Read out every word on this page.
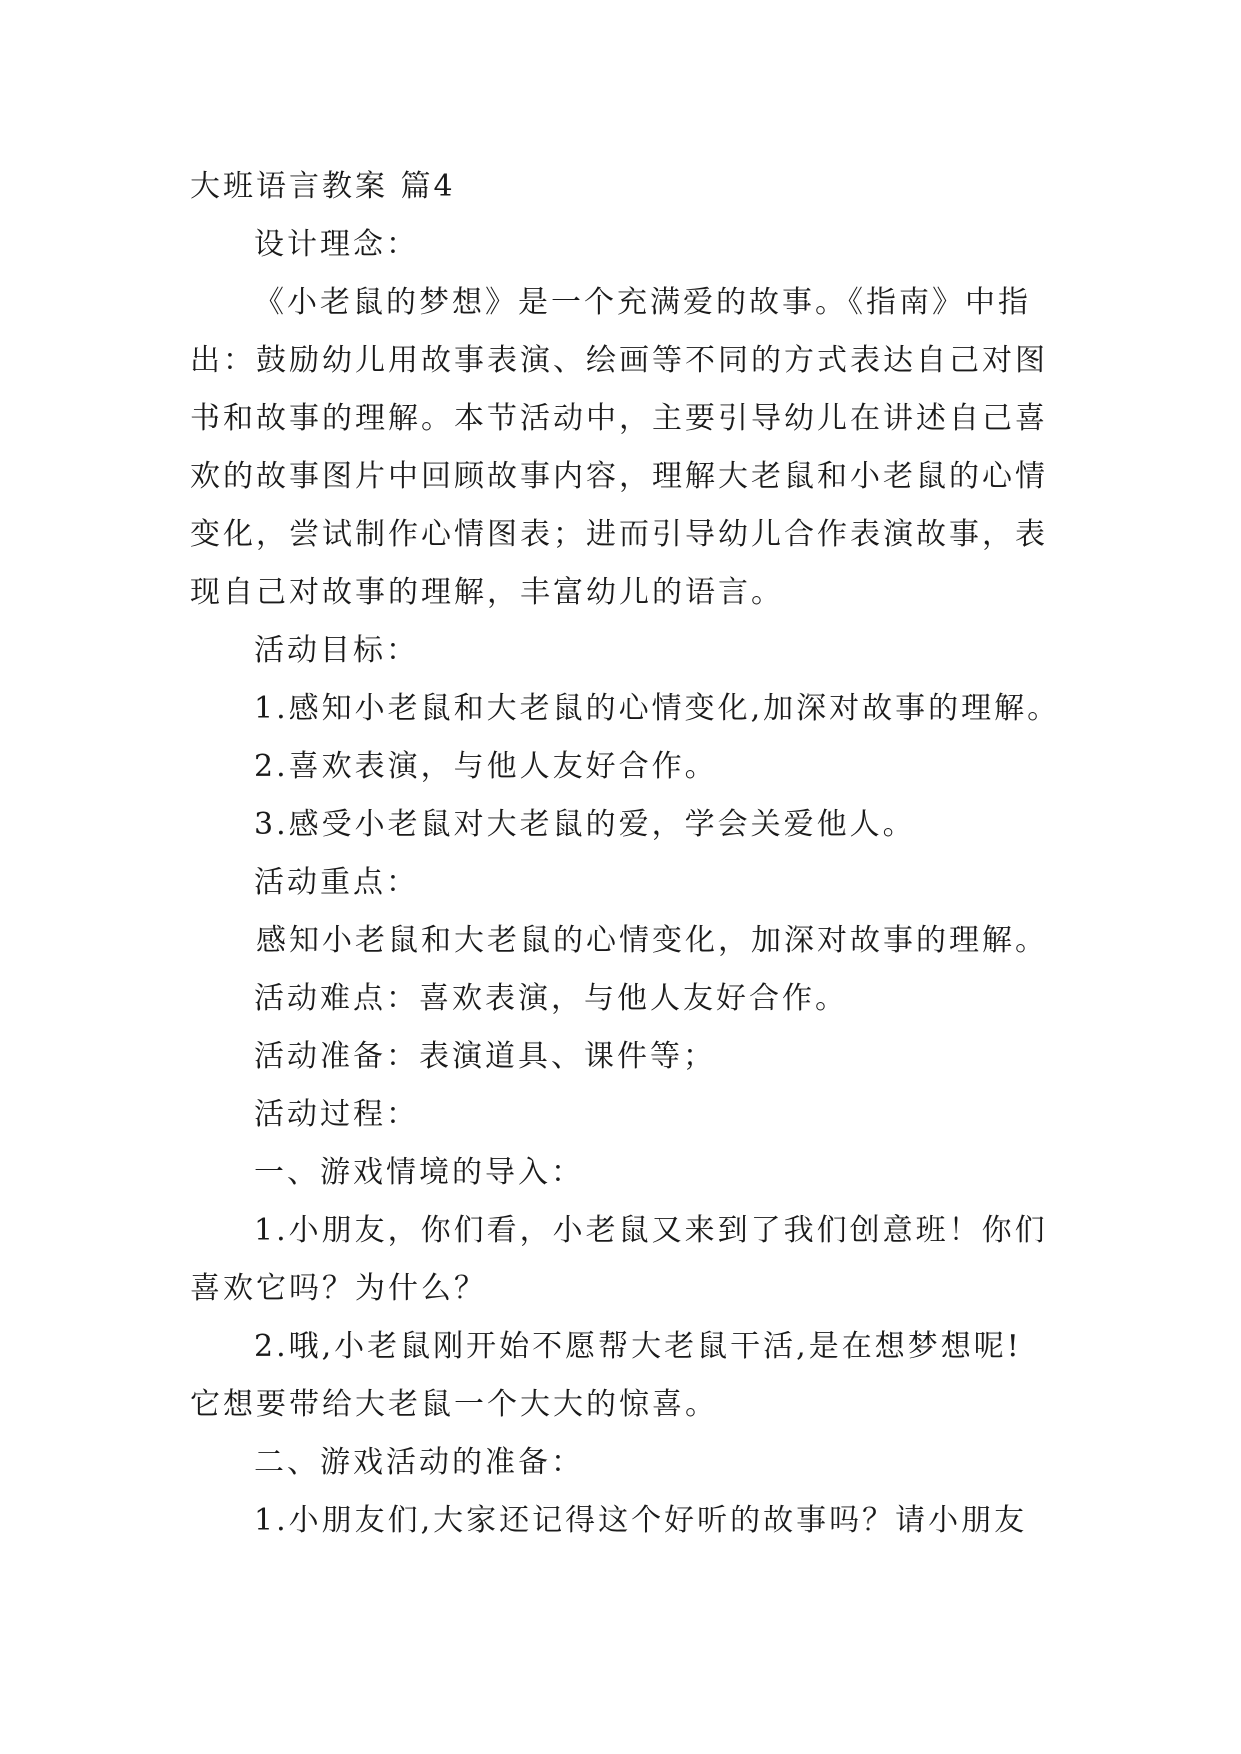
大班语言教案 篇4
设计理念：
《小老鼠的梦想》是一个充满爱的故事。《指南》中指
出：鼓励幼儿用故事表演、绘画等不同的方式表达自己对图
书和故事的理解。本节活动中，主要引导幼儿在讲述自己喜
欢的故事图片中回顾故事内容，理解大老鼠和小老鼠的心情
变化，尝试制作心情图表；进而引导幼儿合作表演故事，表
现自己对故事的理解，丰富幼儿的语言。
活动目标：
1.感知小老鼠和大老鼠的心情变化,加深对故事的理解。
2.喜欢表演，与他人友好合作。
3.感受小老鼠对大老鼠的爱，学会关爱他人。
活动重点：
感知小老鼠和大老鼠的心情变化，加深对故事的理解。
活动难点：喜欢表演，与他人友好合作。
活动准备：表演道具、课件等；
活动过程：
一、游戏情境的导入：
1.小朋友，你们看，小老鼠又来到了我们创意班！你们
喜欢它吗？为什么？
2.哦,小老鼠刚开始不愿帮大老鼠干活,是在想梦想呢!
它想要带给大老鼠一个大大的惊喜。
二、游戏活动的准备：
1.小朋友们,大家还记得这个好听的故事吗？请小朋友
